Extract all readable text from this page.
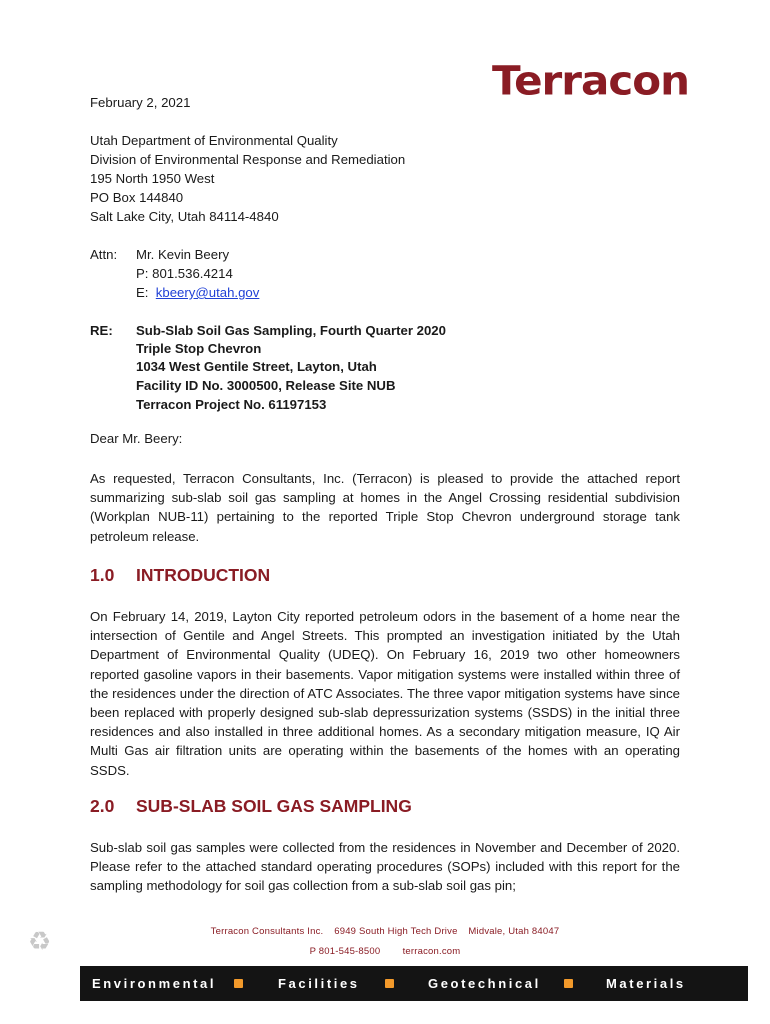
Terracon
February 2, 2021
Utah Department of Environmental Quality
Division of Environmental Response and Remediation
195 North 1950 West
PO Box 144840
Salt Lake City, Utah 84114-4840
Attn: Mr. Kevin Beery
P: 801.536.4214
E: kbeery@utah.gov
RE: Sub-Slab Soil Gas Sampling, Fourth Quarter 2020
Triple Stop Chevron
1034 West Gentile Street, Layton, Utah
Facility ID No. 3000500, Release Site NUB
Terracon Project No. 61197153
Dear Mr. Beery:
As requested, Terracon Consultants, Inc. (Terracon) is pleased to provide the attached report summarizing sub-slab soil gas sampling at homes in the Angel Crossing residential subdivision (Workplan NUB-11) pertaining to the reported Triple Stop Chevron underground storage tank petroleum release.
1.0 INTRODUCTION
On February 14, 2019, Layton City reported petroleum odors in the basement of a home near the intersection of Gentile and Angel Streets. This prompted an investigation initiated by the Utah Department of Environmental Quality (UDEQ). On February 16, 2019 two other homeowners reported gasoline vapors in their basements. Vapor mitigation systems were installed within three of the residences under the direction of ATC Associates. The three vapor mitigation systems have since been replaced with properly designed sub-slab depressurization systems (SSDS) in the initial three residences and also installed in three additional homes. As a secondary mitigation measure, IQ Air Multi Gas air filtration units are operating within the basements of the homes with an operating SSDS.
2.0 SUB-SLAB SOIL GAS SAMPLING
Sub-slab soil gas samples were collected from the residences in November and December of 2020. Please refer to the attached standard operating procedures (SOPs) included with this report for the sampling methodology for soil gas collection from a sub-slab soil gas pin;
♻	Terracon Consultants Inc. 6949 South High Tech Drive Midvale, Utah 84047
P 801-545-8500 terracon.com
Environmental	Facilities	Geotechnical	Materials
